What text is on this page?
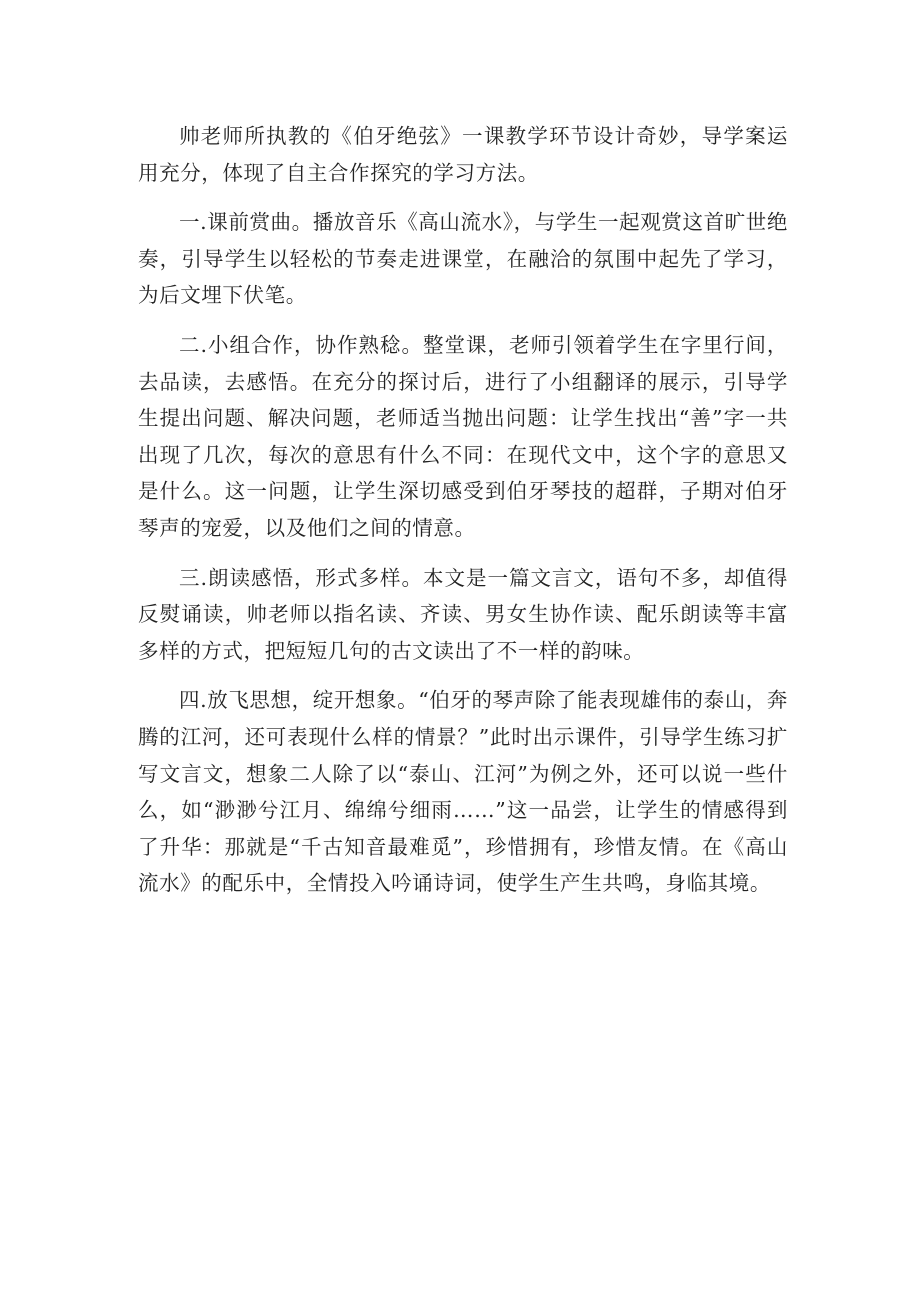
帅老师所执教的《伯牙绝弦》一课教学环节设计奇妙，导学案运用充分，体现了自主合作探究的学习方法。

一.课前赏曲。播放音乐《高山流水》，与学生一起观赏这首旷世绝奏，引导学生以轻松的节奏走进课堂，在融洽的氛围中起先了学习，为后文埋下伏笔。

二.小组合作，协作熟稔。整堂课，老师引领着学生在字里行间，去品读，去感悟。在充分的探讨后，进行了小组翻译的展示，引导学生提出问题、解决问题，老师适当抛出问题：让学生找出“善”字一共出现了几次，每次的意思有什么不同：在现代文中，这个字的意思又是什么。这一问题，让学生深切感受到伯牙琴技的超群，子期对伯牙琴声的宠爱，以及他们之间的情意。

三.朗读感悟，形式多样。本文是一篇文言文，语句不多，却值得反熨诵读，帅老师以指名读、齐读、男女生协作读、配乐朗读等丰富多样的方式，把短短几句的古文读出了不一样的韵味。

四.放飞思想，绽开想象。“伯牙的琴声除了能表现雄伟的泰山，奔腾的江河，还可表现什么样的情景？”此时出示课件，引导学生练习扩写文言文，想象二人除了以“泰山、江河”为例之外，还可以说一些什么，如“渺渺兮江月、绵绵兮细雨……”这一品尝，让学生的情感得到了升华：那就是“千古知音最难觅”，珍惜拥有，珍惜友情。在《高山流水》的配乐中，全情投入吟诵诗词，使学生产生共鸣，身临其境。
